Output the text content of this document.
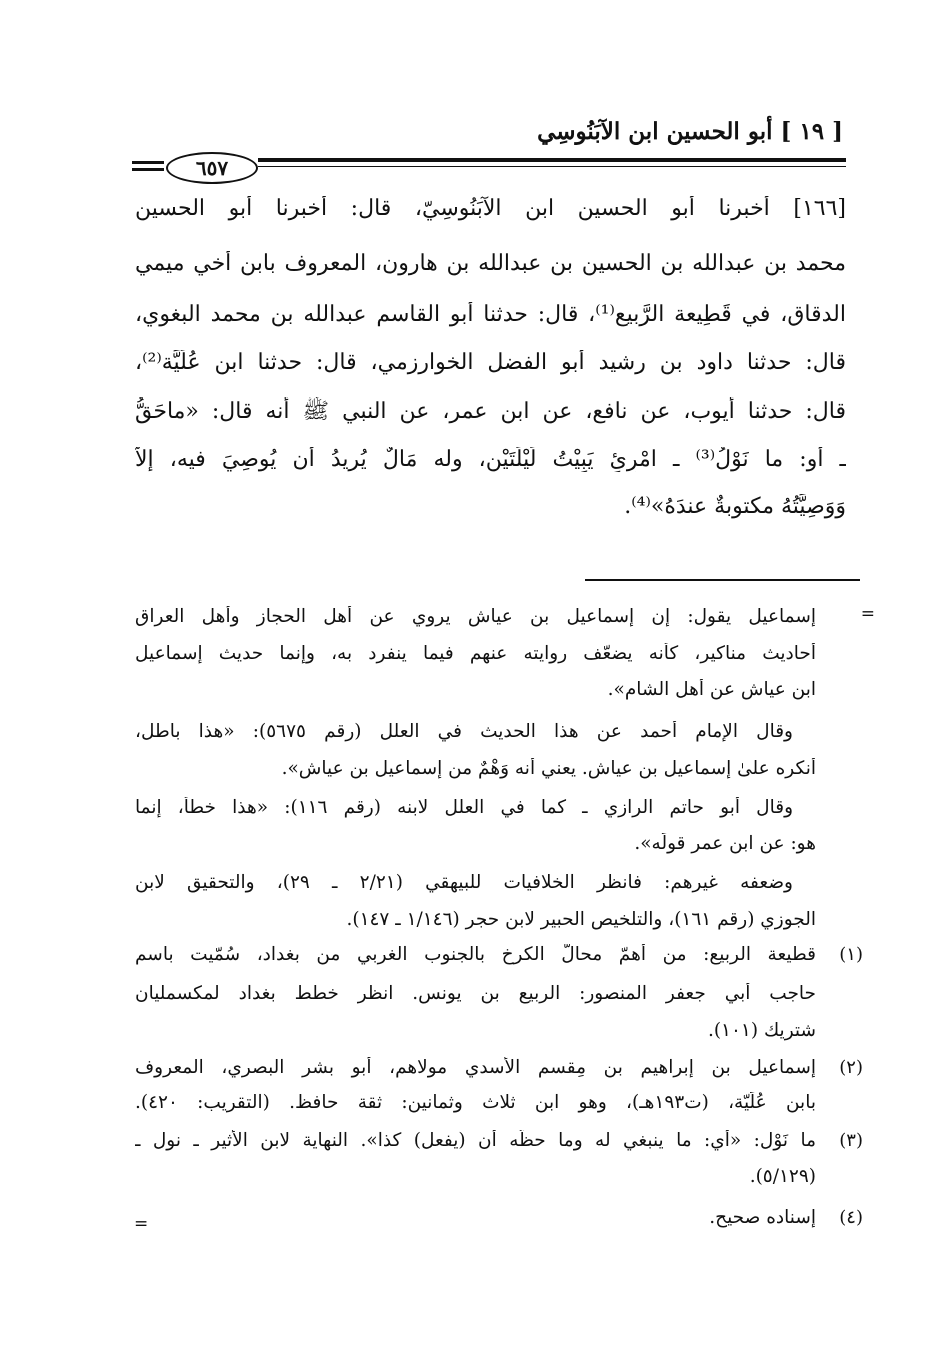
[ ١٩ ] أبو الحسين ابن الآبَنُوسِي
٦٥٧
[١٦٦] أخبرنا أبو الحسين ابن الآبَنُوسِيّ، قال: أخبرنا أبو الحسين
محمد بن عبدالله بن الحسين بن عبدالله بن هارون، المعروف بابن أخي ميمي
الدقاق، في قَطِيعة الرَّبيع⁽¹⁾، قال: حدثنا أبو القاسم عبدالله بن محمد البغوي،
قال: حدثنا داود بن رشيد أبو الفضل الخوارزمي، قال: حدثنا ابن عُلَيَّة⁽²⁾،
قال: حدثنا أيوب، عن نافع، عن ابن عمر، عن النبي ﷺ أنه قال: «ماحَقُّ
ـ أو: ما نَوْلُ⁽³⁾ ـ امْرِئٍ يَبِيْتُ لَيْلَتَيْنِ، وله مَالٌ يُرِيدُ أن يُوصِيَ فيه، إلاّ
وَوَصِيَّتُهُ مكتوبةٌ عندَهُ»⁽⁴⁾.
=
إسماعيل يقول: إن إسماعيل بن عياش يروي عن أهل الحجاز وأهل العراق
أحاديث مناكير، كأنه يضعّف روايته عنهم فيما ينفرد به، وإنما حديث إسماعيل
ابن عياش عن أهل الشام».
وقال الإمام أحمد عن هذا الحديث في العلل (رقم ٥٦٧٥): «هذا باطل،
أُنكره علىٰ إسماعيل بن عياش. يعني أنه وَهْمٌ من إسماعيل بن عياش».
وقال أبو حاتم الرازي ـ كما في العلل لابنه (رقم ١١٦): «هذا خطأ، إنما
هو: عن ابن عمر قولَه».
وضعفه غيرهم: فانظر الخلافيات للبيهقي (٢/٢١ ـ ٢٩)، والتحقيق لابن
الجوزي (رقم ١٦١)، والتلخيص الحبير لابن حجر (١/١٤٦ ـ ١٤٧).
(١)
قطيعة الربيع: من أهمّ محالّ الكرخ بالجنوب الغربي من بغداد، سُمّيت باسم
حاجب أبي جعفر المنصور: الربيع بن يونس. انظر خطط بغداد لمكسمليان
شتريك (١٠١).
(٢)
إسماعيل بن إبراهيم بن مِقسم الأسدي مولاهم، أبو بشر البصري، المعروف
بابن عُلَيّة، (ت١٩٣هـ)، وهو ابن ثلاث وثمانين: ثقة حافظ. (التقريب: ٤٢٠).
(٣)
ما نَوْل: «أي: ما ينبغي له وما حظُّه أن (يفعل) كذا». النهاية لابن الأثير ـ نول ـ
(٥/١٢٩).
(٤)
إسناده صحيح.
=
